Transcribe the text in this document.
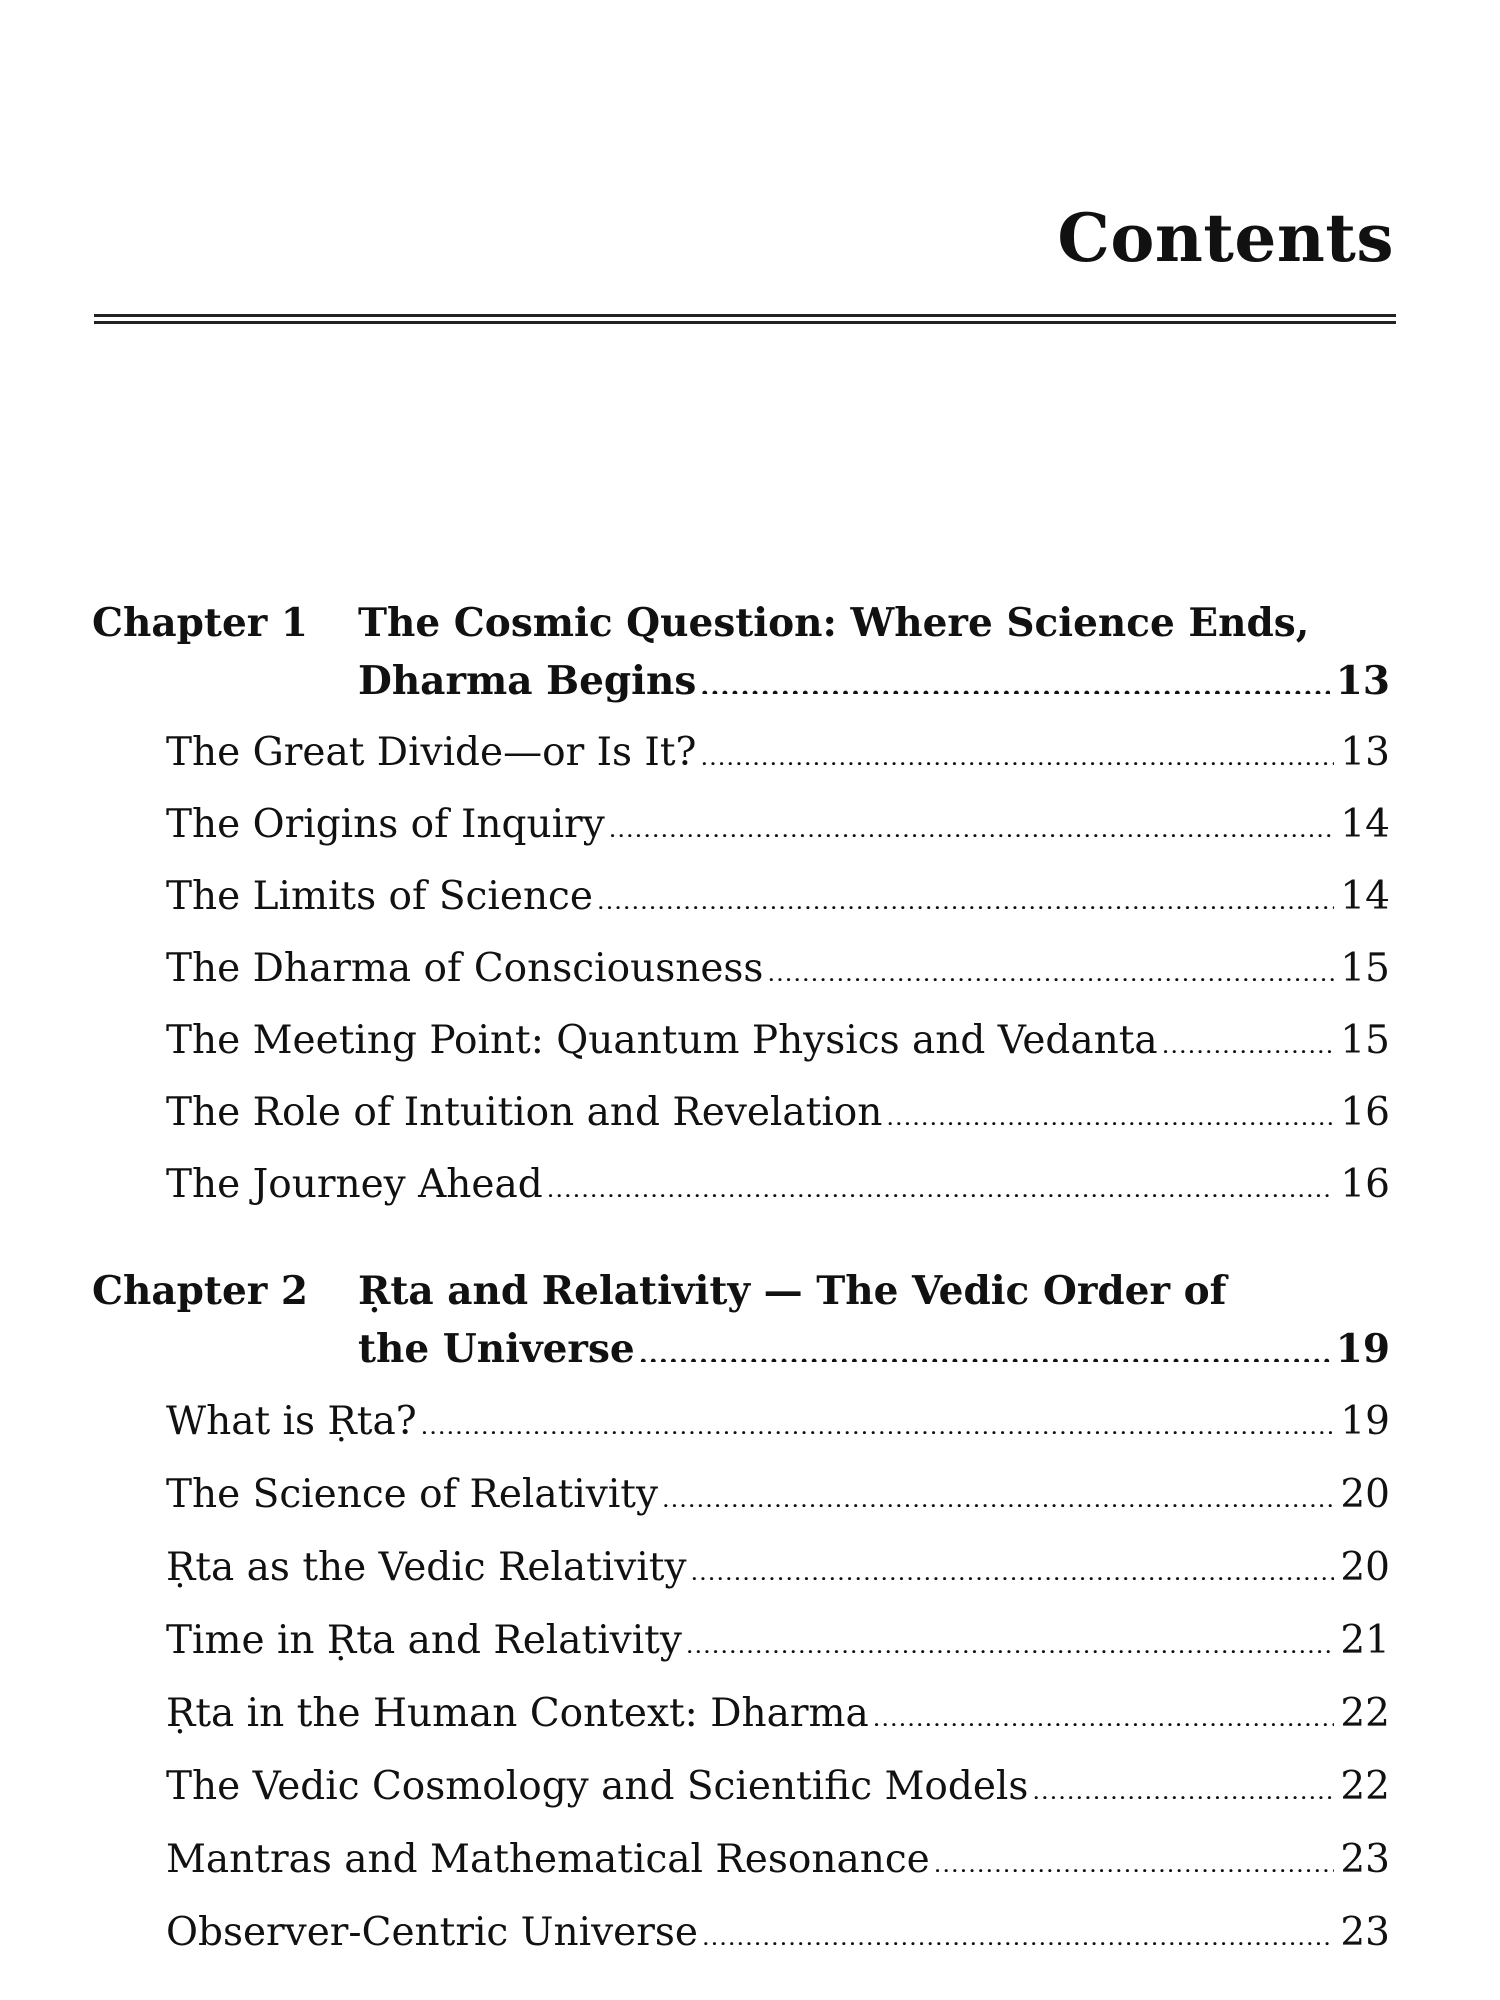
Contents
Chapter 1 The Cosmic Question: Where Science Ends,
Dharma Begins .....	13
The Great Divide—or Is It? .....	13
The Origins of Inquiry .....	14
The Limits of Science .....	14
The Dharma of Consciousness .....	15
The Meeting Point: Quantum Physics and Vedanta .....	15
The Role of Intuition and Revelation .....	16
The Journey Ahead .....	16
Chapter 2 Ṛta and Relativity — The Vedic Order of
the Universe .....	19
What is Ṛta? .....	19
The Science of Relativity .....	20
Ṛta as the Vedic Relativity .....	20
Time in Ṛta and Relativity .....	21
Ṛta in the Human Context: Dharma .....	22
The Vedic Cosmology and Scientific Models .....	22
Mantras and Mathematical Resonance .....	23
Observer-Centric Universe .....	23
